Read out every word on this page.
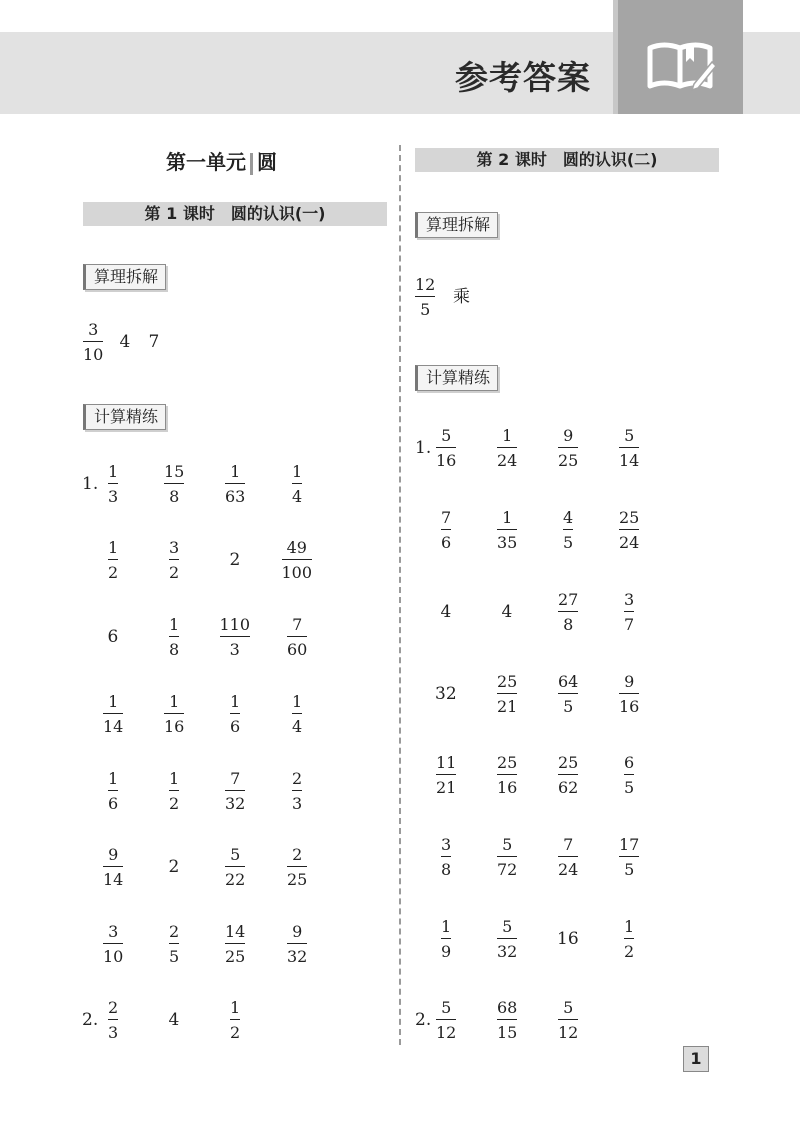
参考答案
第一单元 圆
第 1 课时　圆的认识(一)
算理拆解
3
10
4 7
计算精练
1.
1
3
15
8
1
63
1
4
1
2
3
2
2
49
100
6
1
8
110
3
7
60
1
14
1
16
1
6
1
4
1
6
1
2
7
32
2
3
9
14
2
5
22
2
25
3
10
2
5
14
25
9
32
2.
2
3
4
1
2
第 2 课时　圆的认识(二)
算理拆解
12
5
乘
计算精练
1.
5
16
1
24
9
25
5
14
7
6
1
35
4
5
25
24
4	4
27
8
3
7
32
25
21
64
5
9
16
11
21
25
16
25
62
6
5
3
8
5
72
7
24
17
5
1
9
5
32
16
1
2
2.
5
12
68
15
5
12
1
